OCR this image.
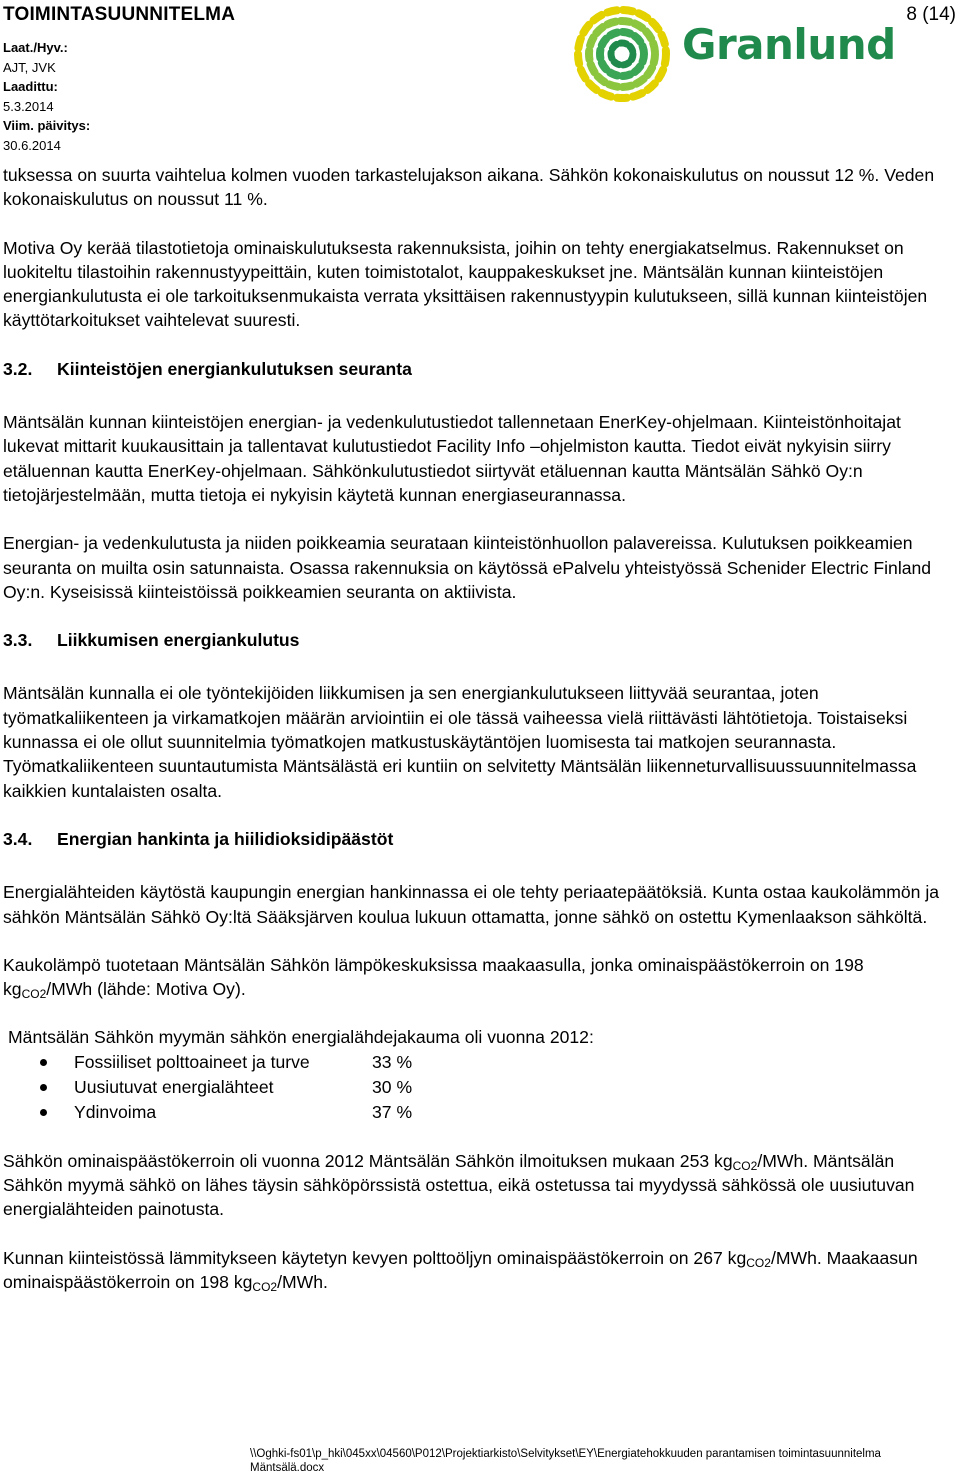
TOIMINTASUUNNITELMA	8 (14)
Laat./Hyv.:
AJT, JVK
Laadittu:
5.3.2014
Viim. päivitys:
30.6.2014
Granlund

tuksessa on suurta vaihtelua kolmen vuoden tarkastelujakson aikana. Sähkön kokonaiskulutus on noussut 12 %. Veden kokonaiskulutus on noussut 11 %.

Motiva Oy kerää tilastotietoja ominaiskulutuksesta rakennuksista, joihin on tehty energiakatselmus. Rakennukset on luokiteltu tilastoihin rakennustyypeittäin, kuten toimistotalot, kauppakeskukset jne. Mäntsälän kunnan kiinteistöjen energiankulutusta ei ole tarkoituksenmukaista verrata yksittäisen rakennustyypin kulutukseen, sillä kunnan kiinteistöjen käyttötarkoitukset vaihtelevat suuresti.

3.2.	Kiinteistöjen energiankulutuksen seuranta

Mäntsälän kunnan kiinteistöjen energian- ja vedenkulutustiedot tallennetaan EnerKey-ohjelmaan. Kiinteistönhoitajat lukevat mittarit kuukausittain ja tallentavat kulutustiedot Facility Info –ohjelmiston kautta. Tiedot eivät nykyisin siirry etäluennan kautta EnerKey-ohjelmaan. Sähkönkulutustiedot siirtyvät etäluennan kautta Mäntsälän Sähkö Oy:n tietojärjestelmään, mutta tietoja ei nykyisin käytetä kunnan energiaseurannassa.

Energian- ja vedenkulutusta ja niiden poikkeamia seurataan kiinteistönhuollon palavereissa. Kulutuksen poikkeamien seuranta on muilta osin satunnaista. Osassa rakennuksia on käytössä ePalvelu yhteistyössä Schenider Electric Finland Oy:n. Kyseisissä kiinteistöissä poikkeamien seuranta on aktiivista.

3.3.	Liikkumisen energiankulutus

Mäntsälän kunnalla ei ole työntekijöiden liikkumisen ja sen energiankulutukseen liittyvää seurantaa, joten työmatkaliikenteen ja virkamatkojen määrän arviointiin ei ole tässä vaiheessa vielä riittävästi lähtötietoja. Toistaiseksi kunnassa ei ole ollut suunnitelmia työmatkojen matkustuskäytäntöjen luomisesta tai matkojen seurannasta. Työmatkaliikenteen suuntautumista Mäntsälästä eri kuntiin on selvitetty Mäntsälän liikenneturvallisuussuunnitelmassa kaikkien kuntalaisten osalta.

3.4.	Energian hankinta ja hiilidioksidipäästöt

Energialähteiden käytöstä kaupungin energian hankinnassa ei ole tehty periaatepäätöksiä. Kunta ostaa kaukolämmön ja sähkön Mäntsälän Sähkö Oy:ltä Sääksjärven koulua lukuun ottamatta, jonne sähkö on ostettu Kymenlaakson sähköltä.

Kaukolämpö tuotetaan Mäntsälän Sähkön lämpökeskuksissa maakaasulla, jonka ominaispäästökerroin on 198 $kg_{CO2}$/MWh (lähde: Motiva Oy).

Mäntsälän Sähkön myymän sähkön energialähdejakauma oli vuonna 2012:

Fossiiliset polttoaineet ja turve	33 %
Uusiutuvat energialähteet	30 %
Ydinvoima	37 %

Sähkön ominaispäästökerroin oli vuonna 2012 Mäntsälän Sähkön ilmoituksen mukaan 253 $kg_{CO2}$/MWh. Mäntsälän Sähkön myymä sähkö on lähes täysin sähköpörssistä ostettua, eikä ostetussa tai myydyssä sähkössä ole uusiutuvan energialähteiden painotusta.

Kunnan kiinteistössä lämmitykseen käytetyn kevyen polttoöljyn ominaispäästökerroin on 267 $kg_{CO2}$/MWh. Maakaasun ominaispäästökerroin on 198 $kg_{CO2}$/MWh.

\\Oghki-fs01\p_hki\045xx\04560\P012\Projektiarkisto\Selvitykset\EY\Energiatehokkuuden parantamisen toimintasuunnitelma Mäntsälä.docx
